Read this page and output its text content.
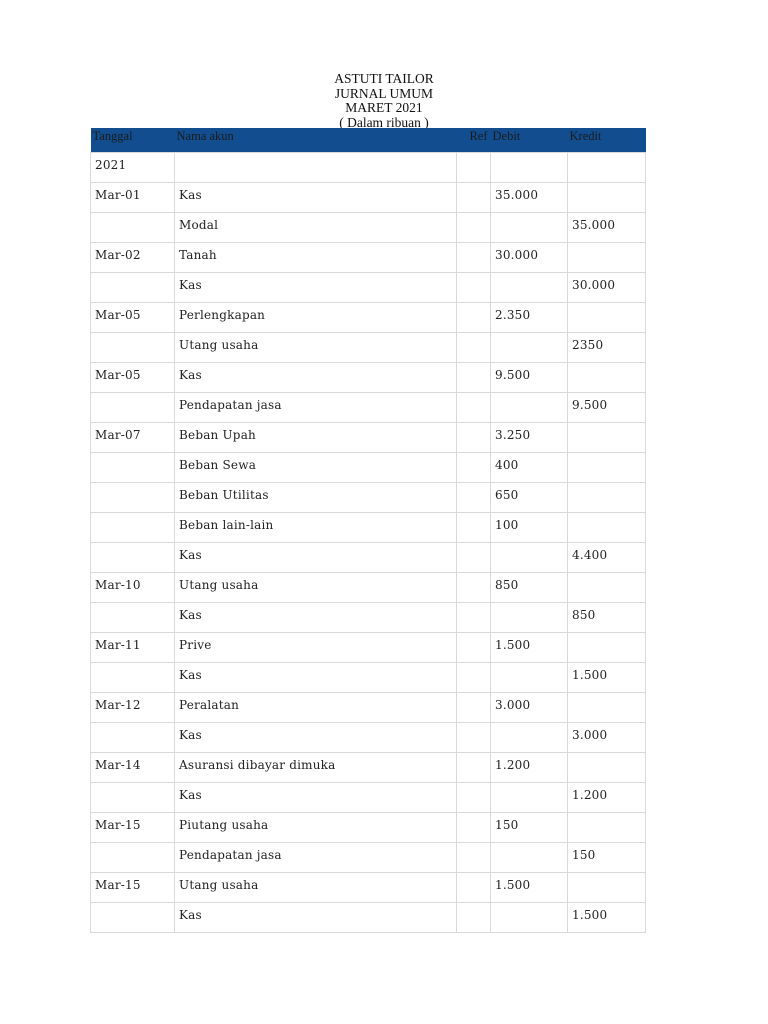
ASTUTI TAILOR
JURNAL UMUM
MARET 2021
( Dalam ribuan )
Tanggal	Nama akun	Ref	Debit	Kredit
2021				
Mar-01	Kas		35.000	
	Modal			35.000
Mar-02	Tanah		30.000	
	Kas			30.000
Mar-05	Perlengkapan		2.350	
	Utang usaha			2350
Mar-05	Kas		9.500	
	Pendapatan jasa			9.500
Mar-07	Beban Upah		3.250	
	Beban Sewa		400	
	Beban Utilitas		650	
	Beban lain-lain		100	
	Kas			4.400
Mar-10	Utang usaha		850	
	Kas			850
Mar-11	Prive		1.500	
	Kas			1.500
Mar-12	Peralatan		3.000	
	Kas			3.000
Mar-14	Asuransi dibayar dimuka		1.200	
	Kas			1.200
Mar-15	Piutang usaha		150	
	Pendapatan jasa			150
Mar-15	Utang usaha		1.500	
	Kas			1.500
